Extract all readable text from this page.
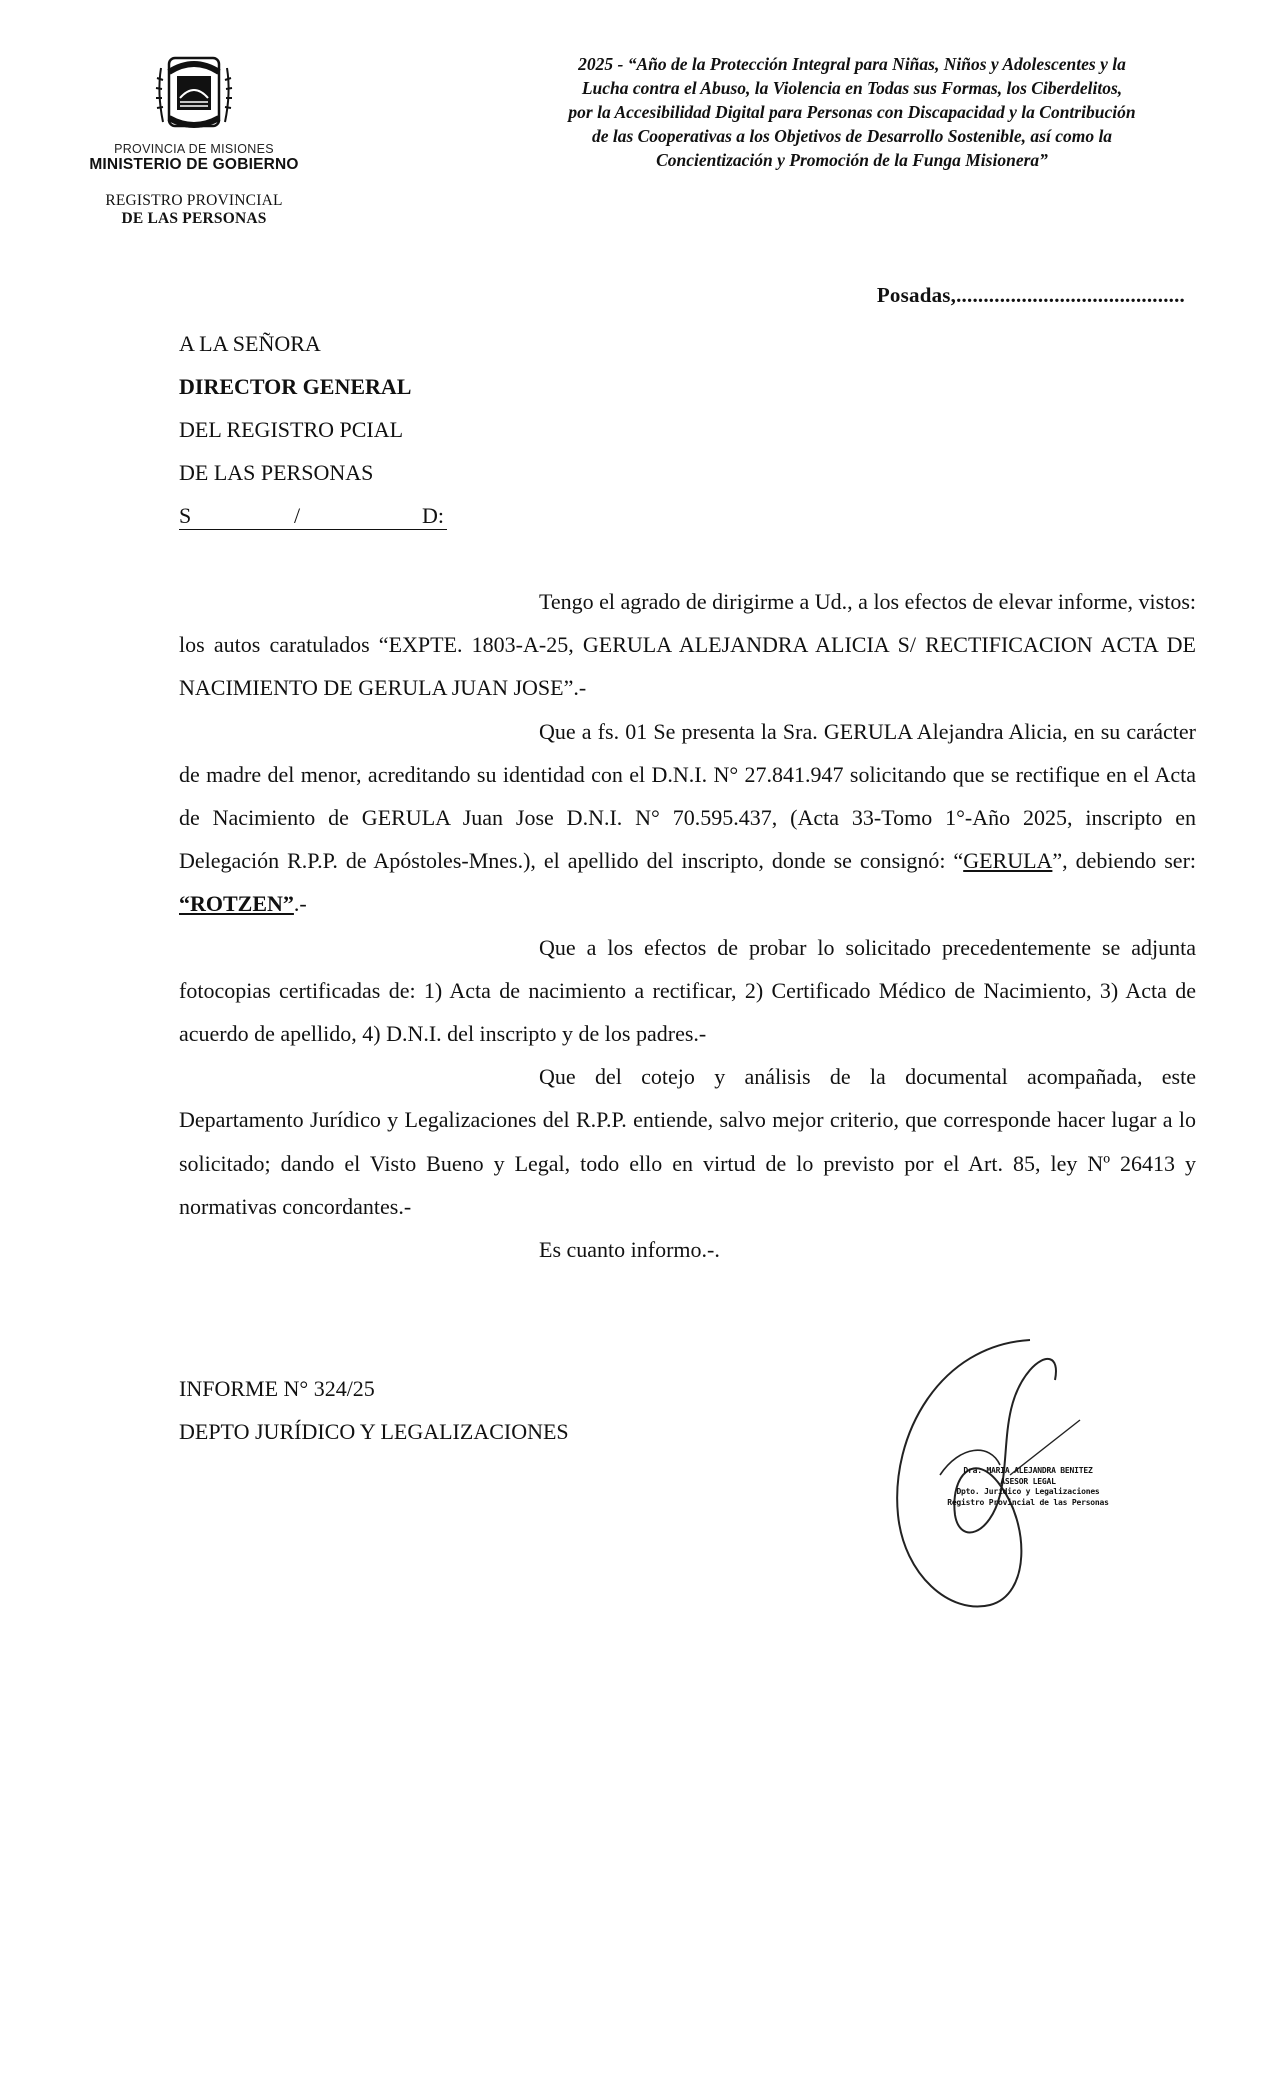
PROVINCIA DE MISIONES
MINISTERIO DE GOBIERNO
REGISTRO PROVINCIAL
DE LAS PERSONAS
2025 - “Año de la Protección Integral para Niñas, Niños y Adolescentes y la
Lucha contra el Abuso, la Violencia en Todas sus Formas, los Ciberdelitos,
por la Accesibilidad Digital para Personas con Discapacidad y la Contribución
de las Cooperativas a los Objetivos de Desarrollo Sostenible, así como la
Concientización y Promoción de la Funga Misionera”
Posadas,..........................................
A LA SEÑORA
DIRECTOR GENERAL
DEL REGISTRO PCIAL
DE LAS PERSONAS
S	/	D:

Tengo el agrado de dirigirme a Ud., a los efectos de elevar informe, vistos: los autos caratulados “EXPTE. 1803-A-25, GERULA ALEJANDRA ALICIA S/ RECTIFICACION ACTA DE NACIMIENTO DE GERULA JUAN JOSE”.-

Que a fs. 01 Se presenta la Sra. GERULA Alejandra Alicia, en su carácter de madre del menor, acreditando su identidad con el D.N.I. N° 27.841.947 solicitando que se rectifique en el Acta de Nacimiento de GERULA Juan Jose D.N.I. N° 70.595.437, (Acta 33-Tomo 1°-Año 2025, inscripto en Delegación R.P.P. de Apóstoles-Mnes.), el apellido del inscripto, donde se consignó: “GERULA”, debiendo ser: “ROTZEN”.-

Que a los efectos de probar lo solicitado precedentemente se adjunta fotocopias certificadas de: 1) Acta de nacimiento a rectificar, 2) Certificado Médico de Nacimiento, 3) Acta de acuerdo de apellido, 4) D.N.I. del inscripto y de los padres.-

Que del cotejo y análisis de la documental acompañada, este Departamento Jurídico y Legalizaciones del R.P.P. entiende, salvo mejor criterio, que corresponde hacer lugar a lo solicitado; dando el Visto Bueno y Legal, todo ello en virtud de lo previsto por el Art. 85, ley Nº 26413 y normativas concordantes.-

Es cuanto informo.-.

INFORME N° 324/25
DEPTO JURÍDICO Y LEGALIZACIONES
Dra. MARIA ALEJANDRA BENITEZ
ASESOR LEGAL
Dpto. Jurídico y Legalizaciones
Registro Provincial de las Personas
